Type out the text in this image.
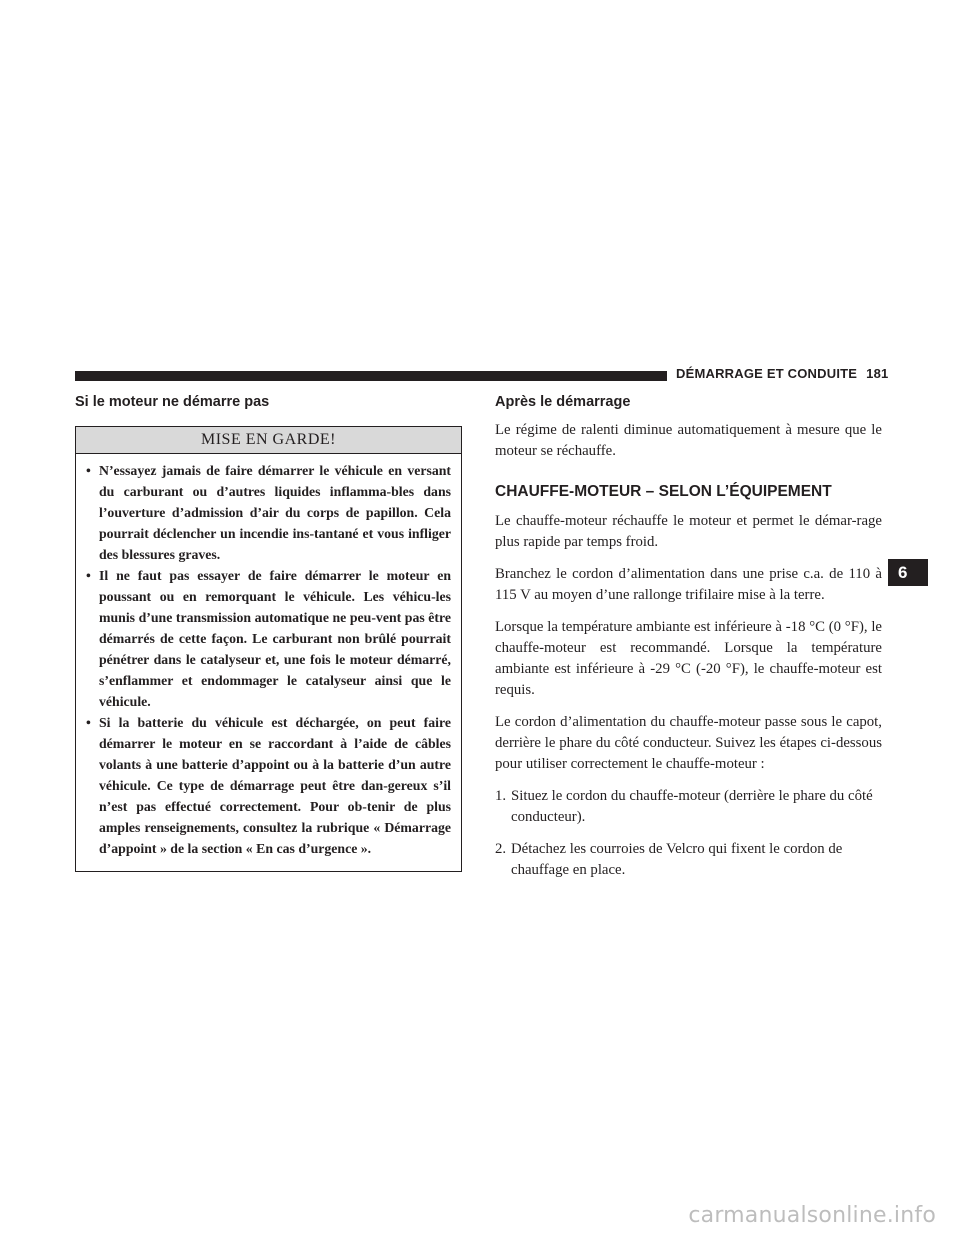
DÉMARRAGE ET CONDUITE 181
Si le moteur ne démarre pas
MISE EN GARDE!
• N’essayez jamais de faire démarrer le véhicule en versant du carburant ou d’autres liquides inflamma-bles dans l’ouverture d’admission d’air du corps de papillon. Cela pourrait déclencher un incendie ins-tantané et vous infliger des blessures graves.
• Il ne faut pas essayer de faire démarrer le moteur en poussant ou en remorquant le véhicule. Les véhicu-les munis d’une transmission automatique ne peu-vent pas être démarrés de cette façon. Le carburant non brûlé pourrait pénétrer dans le catalyseur et, une fois le moteur démarré, s’enflammer et endommager le catalyseur ainsi que le véhicule.
• Si la batterie du véhicule est déchargée, on peut faire démarrer le moteur en se raccordant à l’aide de câbles volants à une batterie d’appoint ou à la batterie d’un autre véhicule. Ce type de démarrage peut être dan-gereux s’il n’est pas effectué correctement. Pour ob-tenir de plus amples renseignements, consultez la rubrique « Démarrage d’appoint » de la section « En cas d’urgence ».
Après le démarrage

Le régime de ralenti diminue automatiquement à mesure que le moteur se réchauffe.

CHAUFFE-MOTEUR – SELON L’ÉQUIPEMENT

Le chauffe-moteur réchauffe le moteur et permet le démar-rage plus rapide par temps froid.

Branchez le cordon d’alimentation dans une prise c.a. de 110 à 115 V au moyen d’une rallonge trifilaire mise à la terre.

Lorsque la température ambiante est inférieure à -18 °C (0 °F), le chauffe-moteur est recommandé. Lorsque la température ambiante est inférieure à -29 °C (-20 °F), le chauffe-moteur est requis.

Le cordon d’alimentation du chauffe-moteur passe sous le capot, derrière le phare du côté conducteur. Suivez les étapes ci-dessous pour utiliser correctement le chauffe-moteur :

1. Situez le cordon du chauffe-moteur (derrière le phare du côté conducteur).
2. Détachez les courroies de Velcro qui fixent le cordon de chauffage en place.
6
carmanualsonline.info
